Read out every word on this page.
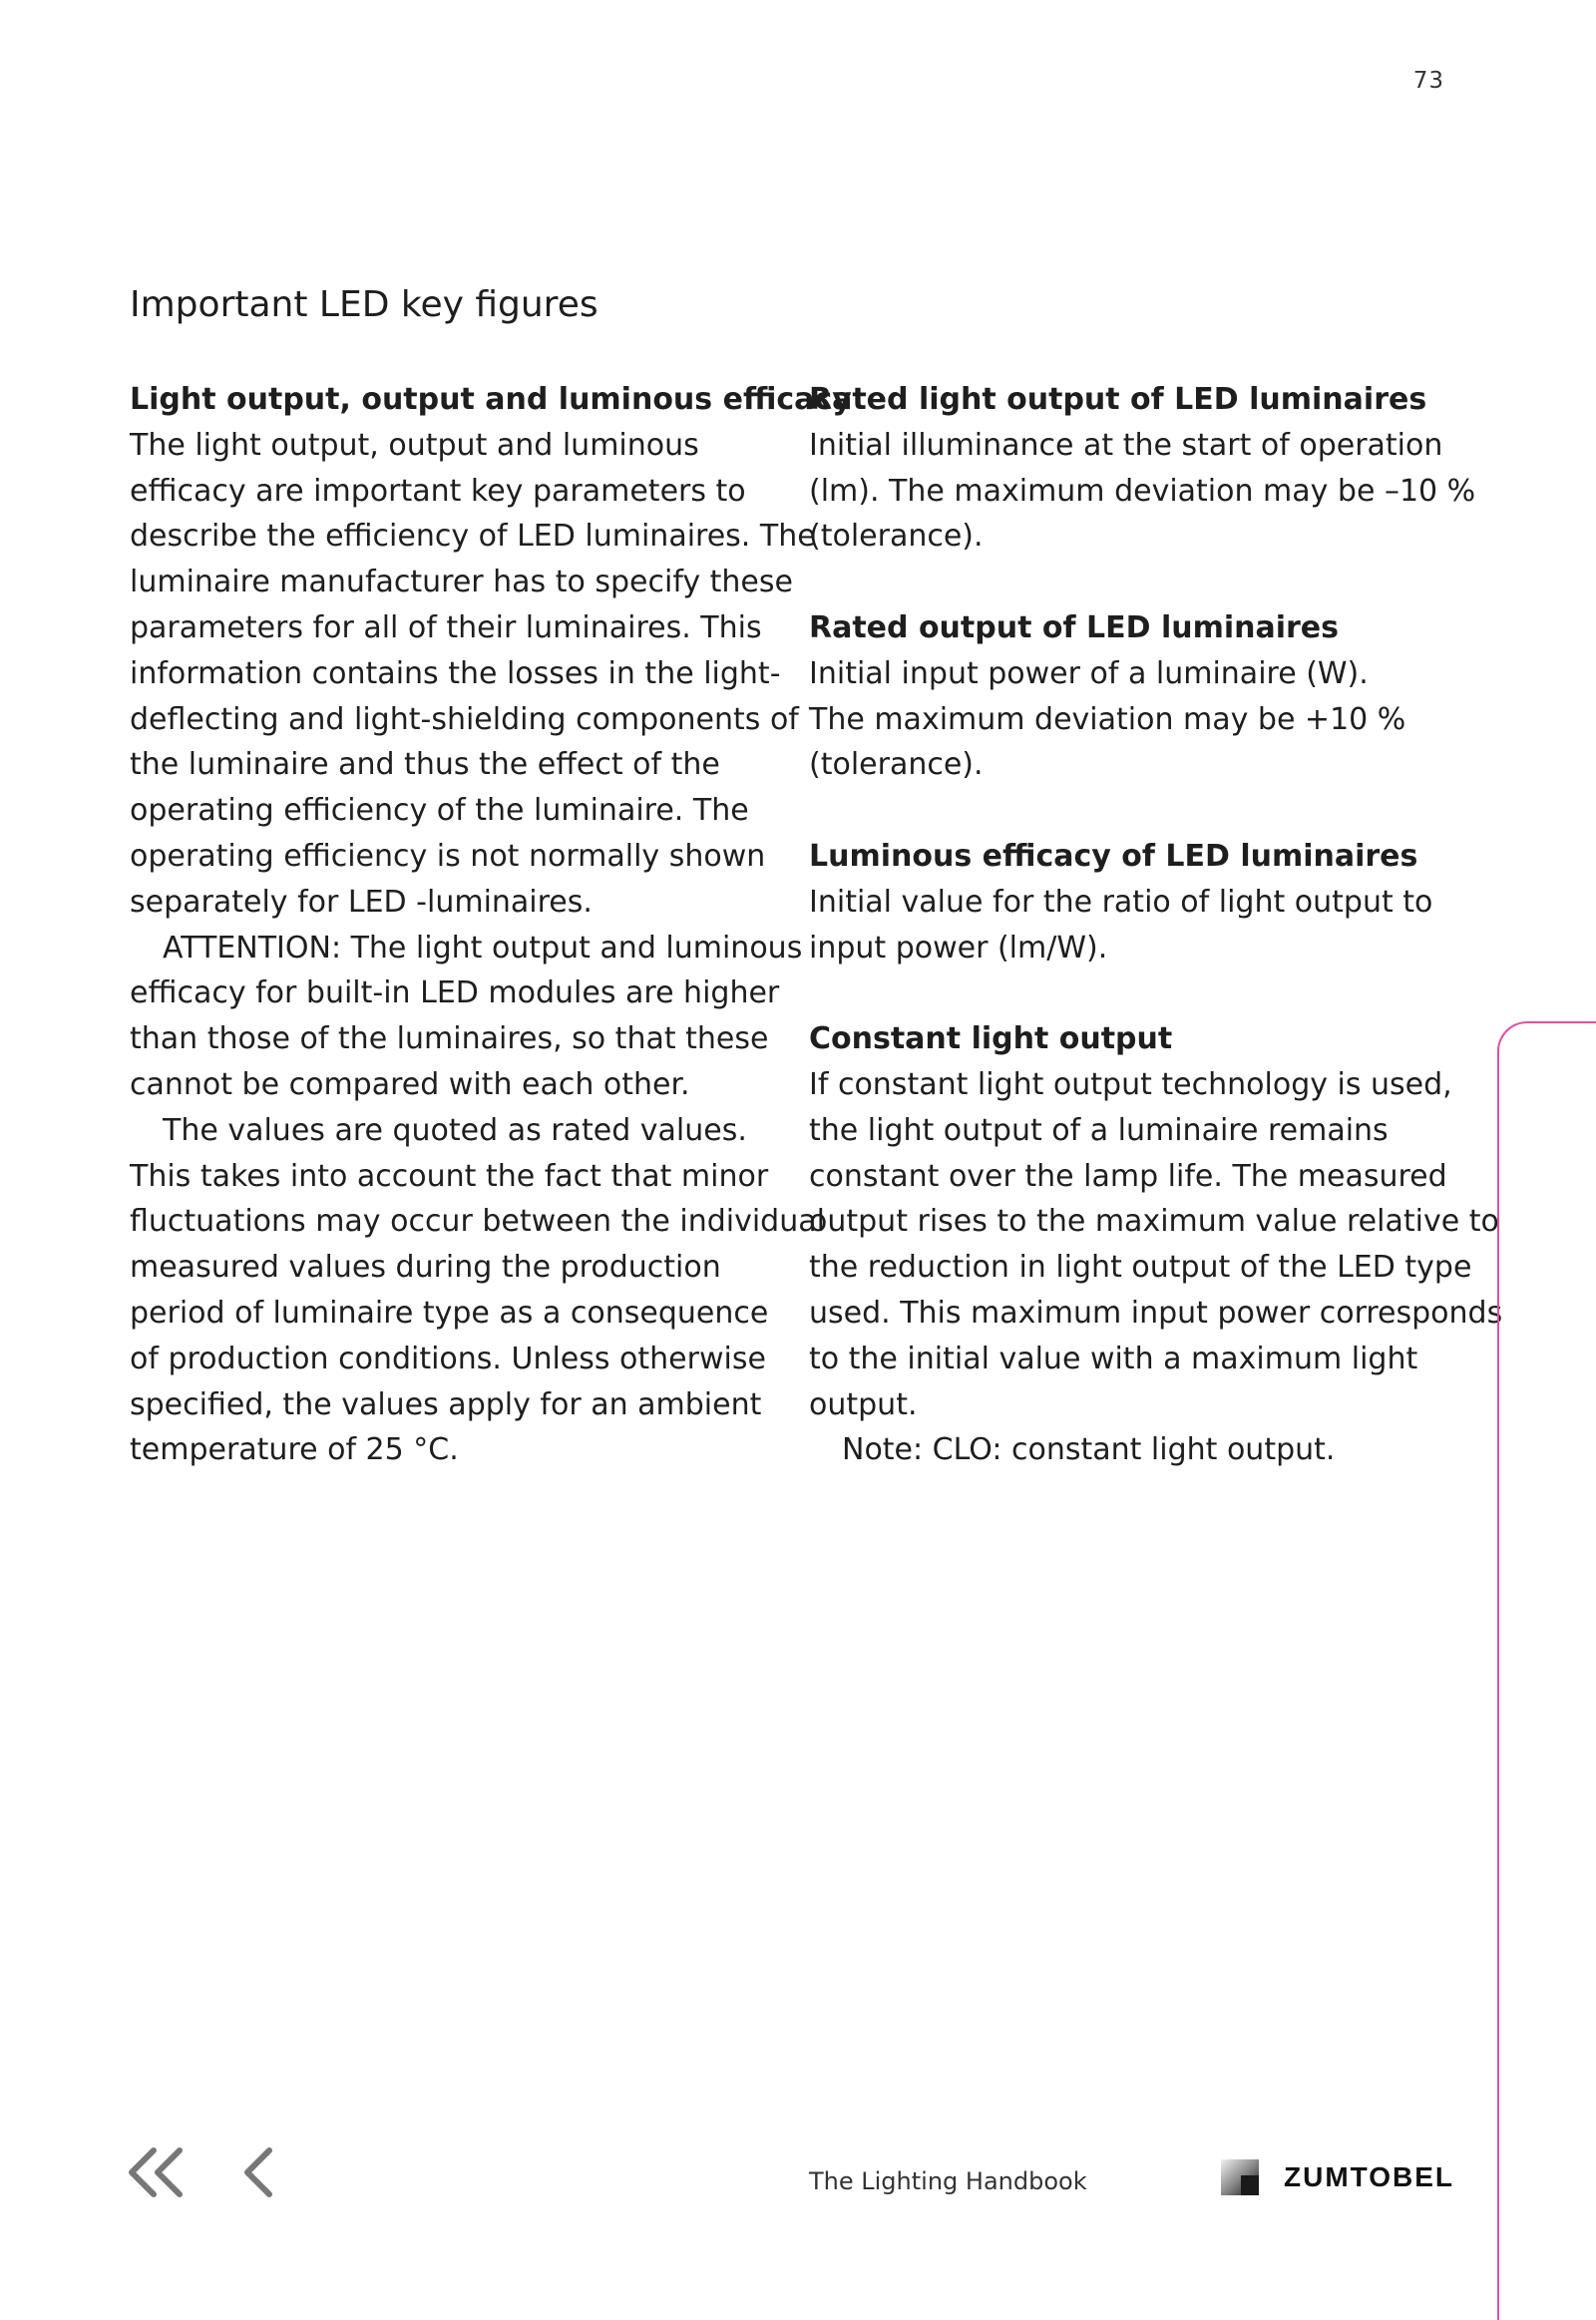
73
Important LED key figures
Light output, output and luminous efficacy
The light output, output and luminous
efficacy are important key parameters to
describe the efficiency of LED luminaires. The
luminaire manufacturer has to specify these
parameters for all of their luminaires. This
information contains the losses in the light-
deflecting and light-shielding components of
the luminaire and thus the effect of the
operating efficiency of the luminaire. The
operating efficiency is not normally shown
separately for LED -luminaires.
ATTENTION: The light output and luminous
efficacy for built-in LED modules are higher
than those of the luminaires, so that these
cannot be compared with each other.
The values are quoted as rated values.
This takes into account the fact that minor
fluctuations may occur between the individual
measured values during the production
period of luminaire type as a consequence
of production conditions. Unless otherwise
specified, the values apply for an ambient
temperature of 25 °C.
Rated light output of LED luminaires
Initial illuminance at the start of operation
(lm). The maximum deviation may be –10 %
(tolerance).
Rated output of LED luminaires
Initial input power of a luminaire (W).
The maximum deviation may be +10 %
(tolerance).
Luminous efficacy of LED luminaires
Initial value for the ratio of light output to
input power (lm/W).
Constant light output
If constant light output technology is used,
the light output of a luminaire remains
constant over the lamp life. The measured
output rises to the maximum value relative to
the reduction in light output of the LED type
used. This maximum input power corresponds
to the initial value with a maximum light
output.
Note: CLO: constant light output.
The Lighting Handbook	ZUMTOBEL
